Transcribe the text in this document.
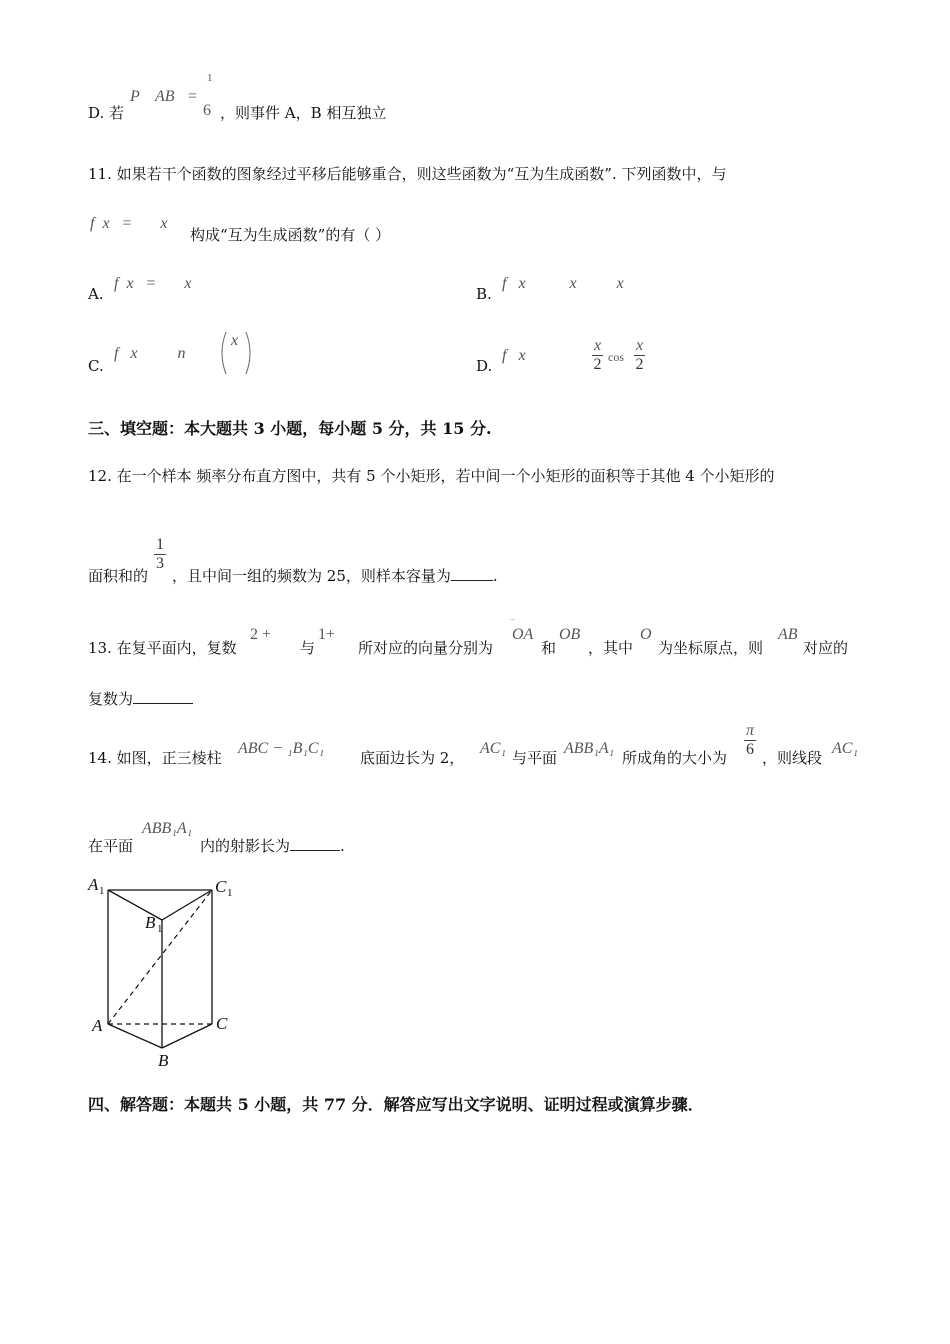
D. 若
P AB =
1
6 ，则事件 A，B 相互独立
11. 如果若干个函数的图象经过平移后能够重合，则这些函数为“互为生成函数”. 下列函数中，与
f  x   =       x
构成“互为生成函数”的有（ ）
A.
f  x   =       x
B.
f   x           x          x
C.
f   x          n
x
D.
f   x	$\frac{x}{2}$ $\cos \frac{x}{2}$
三、填空题：本大题共 3 小题，每小题 5 分，共 15 分.
12. 在一个样本 频率分布直方图中，共有 5 个小矩形，若中间一个小矩形的面积等于其他 4 个小矩形的
面积和的
$\frac{1}{3}$
，且中间一组的频数为 25，则样本容量为	.
13. 在复平面内，复数
2 +
与
1+
所对应的向量分别为
OA
和
OB
，其中
O
为坐标原点，则
AB
对应的
复数为
14. 如图，正三棱柱
ABC − ₁B₁C₁
底面边长为 2，
AC₁
与平面
ABB₁A₁
所成角的大小为 $\frac{\pi}{6}$ ，则线段
AC₁
在平面
ABB₁A₁
内的射影长为	.
A 1	C 1
B 1
A	C
B
四、解答题：本题共 5 小题，共 77 分．解答应写出文字说明、证明过程或演算步骤．
